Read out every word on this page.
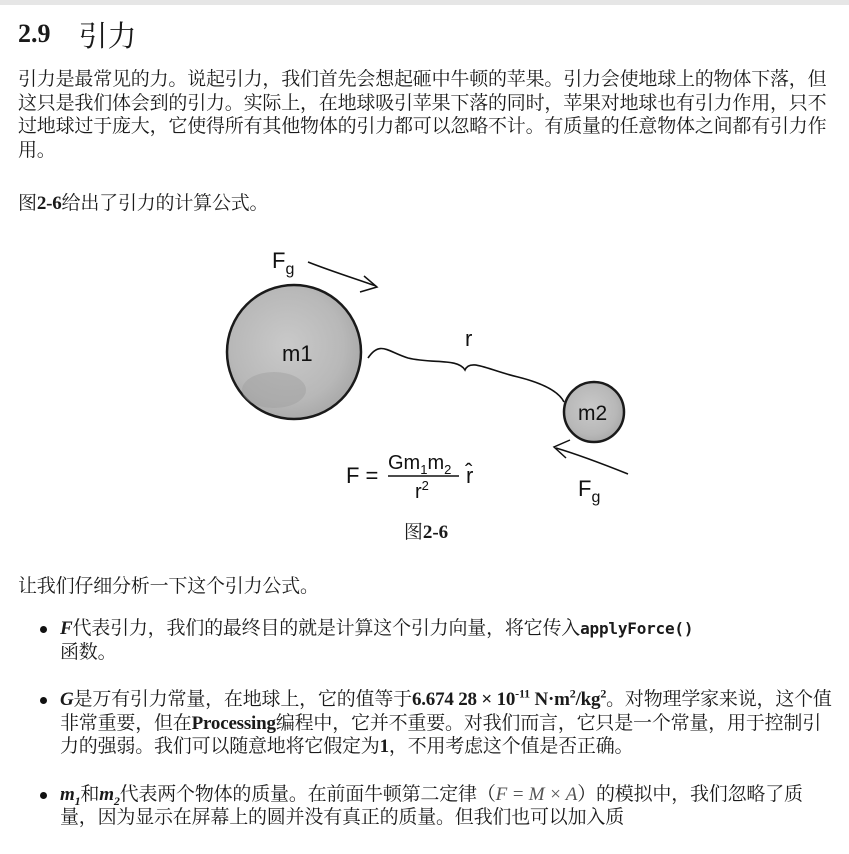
2.9 引力

引力是最常见的力。说起引力，我们首先会想起砸中牛顿的苹果。引力会使地球上的物体下落，但这只是我们体会到的引力。实际上，在地球吸引苹果下落的同时，苹果对地球也有引力作用，只不过地球过于庞大，它使得所有其他物体的引力都可以忽略不计。有质量的任意物体之间都有引力作用。

图2-6给出了引力的计算公式。

$F_g$
m1
r
m2
$F_g$
$F = Gm_1m_2$
$r^2$ r̂
图2-6

让我们仔细分析一下这个引力公式。

F代表引力，我们的最终目的就是计算这个引力向量，将它传入applyForce()
函数。
G是万有引力常量，在地球上，它的值等于6.674 $28 \times 10^{-11}$ $N\cdot m^2/kg^2$。对物理学家来说，这个值非常重要，但在Processing编程中，它并不重要。对我们而言，它只是一个常量，用于控制引力的强弱。我们可以随意地将它假定为1，不用考虑这个值是否正确。
$m_1$和$m_2$代表两个物体的质量。在前面牛顿第二定律（F = M × A）的模拟中，我们忽略了质量，因为显示在屏幕上的圆并没有真正的质量。但我们也可以加入质
